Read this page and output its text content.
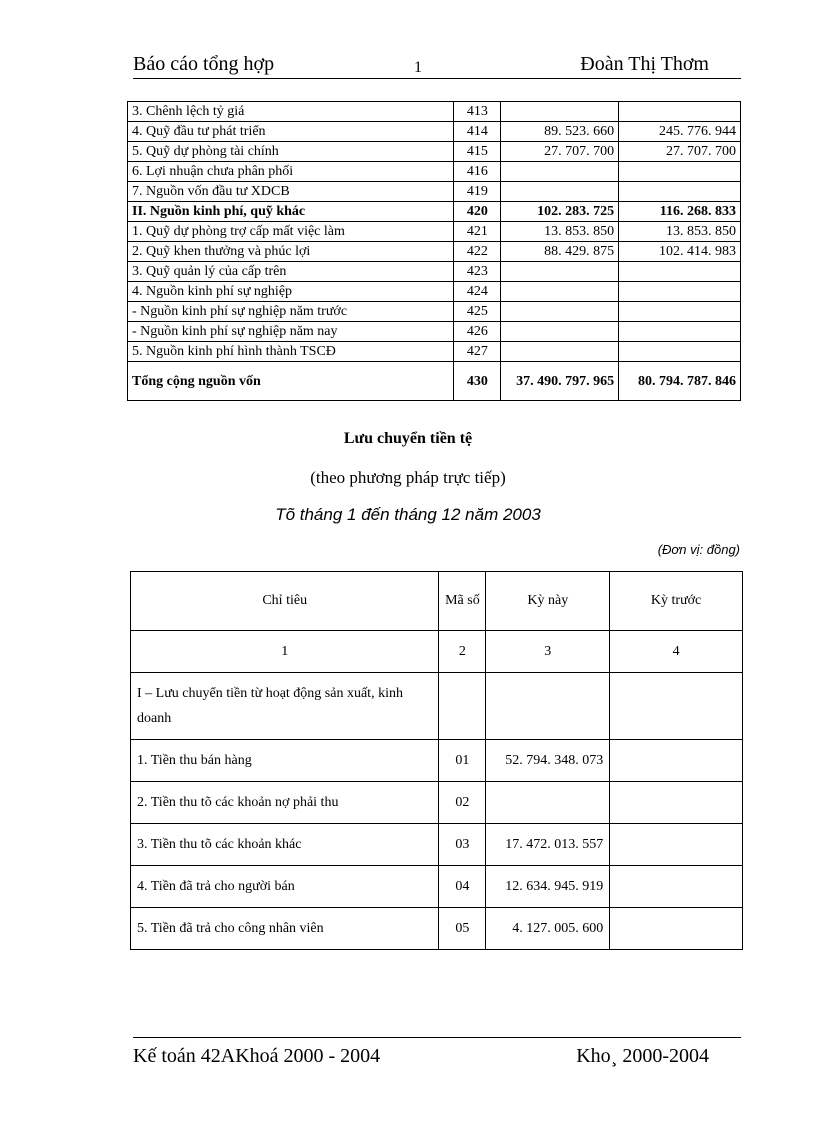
Báo cáo tổng hợp	1	Đoàn Thị Thơm
3. Chênh lệch tỷ giá	413		
4. Quỹ đầu tư phát triển	414	89. 523. 660	245. 776. 944
5. Quỹ dự phòng tài chính	415	27. 707. 700	27. 707. 700
6. Lợi nhuận chưa phân phối	416		
7. Nguồn vốn đầu tư XDCB	419		
II. Nguồn kinh phí, quỹ khác	420	102. 283. 725	116. 268. 833
1. Quỹ dự phòng trợ cấp mất việc làm	421	13. 853. 850	13. 853. 850
2. Quỹ khen thưởng và phúc lợi	422	88. 429. 875	102. 414. 983
3. Quỹ quản lý của cấp trên	423		
4. Nguồn kinh phí sự nghiệp	424		
- Nguồn kinh phí sự nghiệp năm trước	425		
- Nguồn kinh phí sự nghiệp năm nay	426		
5. Nguồn kinh phí hình thành TSCĐ	427		
Tổng cộng nguồn vốn	430	37. 490. 797. 965	80. 794. 787. 846
Lưu chuyển tiền tệ
(theo phương pháp trực tiếp)
Tõ tháng 1 đến tháng 12 năm 2003
(Đơn vị: đồng)
Chỉ tiêu	Mã số	Kỳ này	Kỳ trước
1	2	3	4
I – Lưu chuyển tiền từ hoạt động sản xuất, kinh doanh			
1. Tiền thu bán hàng	01	52. 794. 348. 073	
2. Tiền thu tõ các khoản nợ phải thu	02		
3. Tiền thu tõ các khoản khác	03	17. 472. 013. 557	
4. Tiền đã trả cho người bán	04	12. 634. 945. 919	
5. Tiền đã trả cho công nhân viên	05	4. 127. 005. 600	
Kế toán 42AKhoá 2000 - 2004	Kho¸ 2000-2004
